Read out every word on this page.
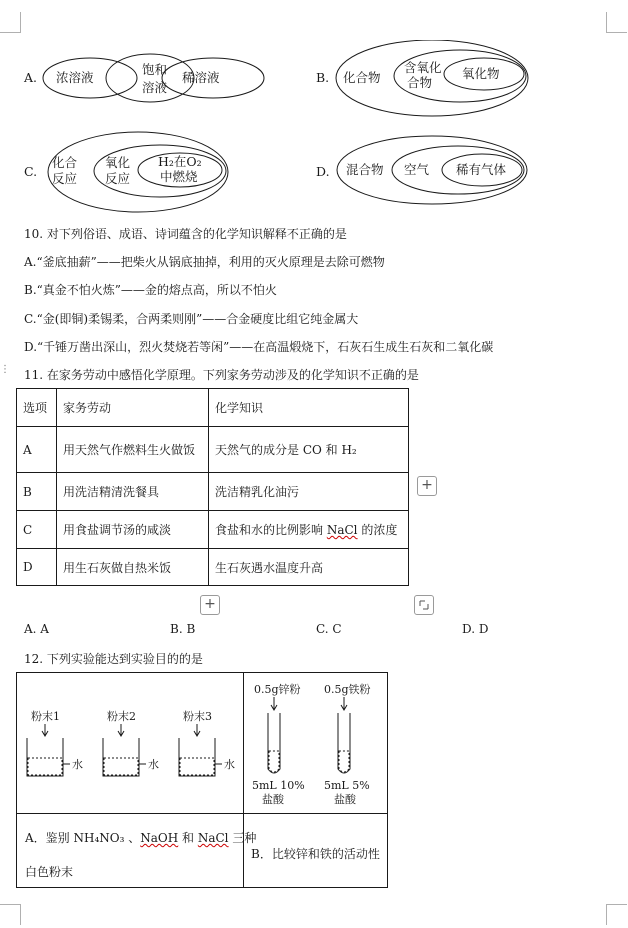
A. 浓溶液
饱和
溶液
稀溶液	B. 化合物
含氧化
合物
氧化物
C.
化合
反应
氧化
反应
H₂在O₂
中燃烧	D. 混合物 空气 稀有气体
10. 对下列俗语、成语、诗词蕴含的化学知识解释不正确的是
A.“釜底抽薪”——把柴火从锅底抽掉，利用的灭火原理是去除可燃物
B.“真金不怕火炼”——金的熔点高，所以不怕火
C.“金(即铜)柔锡柔，合两柔则刚”——合金硬度比组它纯金属大
D.“千锤万凿出深山，烈火焚烧若等闲”——在高温煅烧下，石灰石生成生石灰和二氧化碳
⋮ 11. 在家务劳动中感悟化学原理。下列家务劳动涉及的化学知识不正确的是
选项	家务劳动	化学知识
A	用天然气作燃料生火做饭	天然气的成分是 CO 和 H₂
B	用洗洁精清洗餐具	洗洁精乳化油污
C	用食盐调节汤的咸淡	食盐和水的比例影响 NaCl 的浓度
D	用生石灰做自热米饭	生石灰遇水温度升高
+
+
A. A	B. B	C. C	D. D
12. 下列实验能达到实验目的的是
粉末1
水
粉末2
水
粉末3
水
0.5g锌粉
5mL 10%
盐酸
0.5g铁粉
5mL 5%
盐酸
A．鉴别 NH₄NO₃ 、NaOH 和 NaCl 三种
白色粉末
B．比较锌和铁的活动性
